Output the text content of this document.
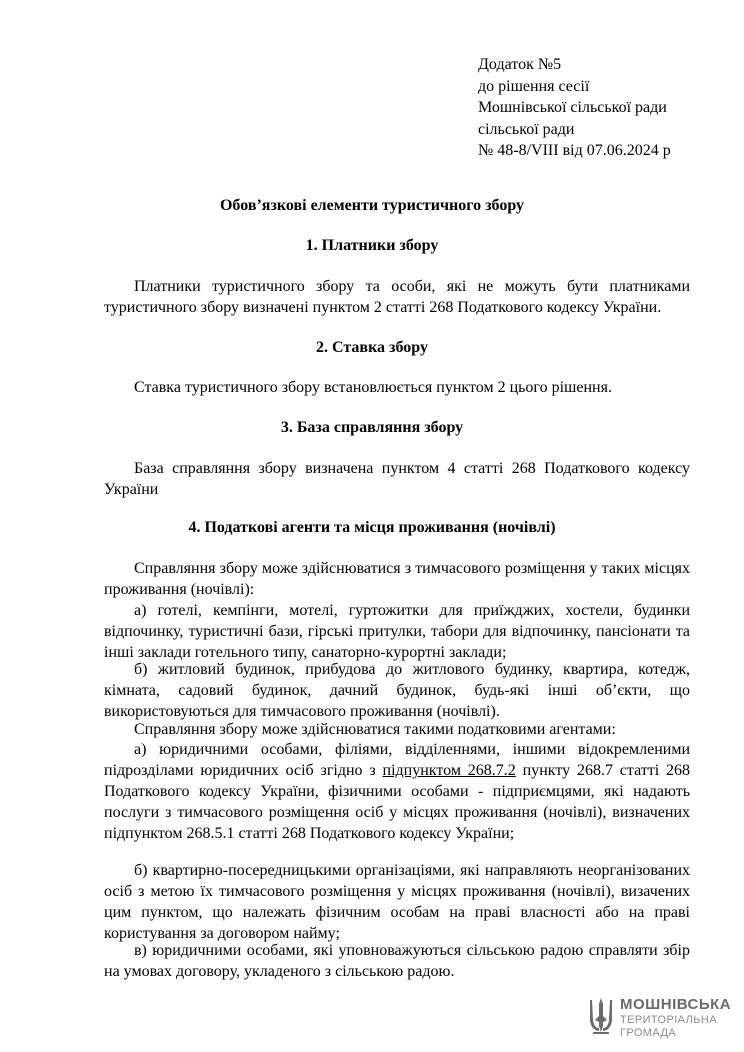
Додаток №5
до рішення сесії
Мошнівської сільської ради
сільської ради
№ 48-8/VIII від 07.06.2024 р
Обов’язкові елементи туристичного збору
1. Платники збору

Платники туристичного збору та особи, які не можуть бути платниками туристичного збору визначені пунктом 2 статті 268 Податкового кодексу України.

2. Ставка збору

Ставка туристичного збору встановлюється пунктом 2 цього рішення.

3. База справляння збору

База справляння збору визначена пунктом 4 статті 268 Податкового кодексу України

4. Податкові агенти та місця проживання (ночівлі)

Справляння збору може здійснюватися з тимчасового розміщення у таких місцях проживання (ночівлі):

а) готелі, кемпінги, мотелі, гуртожитки для приїжджих, хостели, будинки відпочинку, туристичні бази, гірські притулки, табори для відпочинку, пансіонати та інші заклади готельного типу, санаторно-курортні заклади;

б) житловий будинок, прибудова до житлового будинку, квартира, котедж, кімната, садовий будинок, дачний будинок, будь-які інші об’єкти, що використовуються для тимчасового проживання (ночівлі).

Справляння збору може здійснюватися такими податковими агентами:

а) юридичними особами, філіями, відділеннями, іншими відокремленими підрозділами юридичних осіб згідно з підпунктом 268.7.2 пункту 268.7 статті 268 Податкового кодексу України, фізичними особами - підприємцями, які надають послуги з тимчасового розміщення осіб у місцях проживання (ночівлі), визначених підпунктом 268.5.1 статті 268 Податкового кодексу України;

б) квартирно-посередницькими організаціями, які направляють неорганізованих осіб з метою їх тимчасового розміщення у місцях проживання (ночівлі), визачених цим пунктом, що належать фізичним особам на праві власності або на праві користування за договором найму;

в) юридичними особами, які уповноважуються сільською радою справляти збір на умовах договору, укладеного з сільською радою.

МОШНІВСЬКА
ТЕРИТОРІАЛЬНА
ГРОМАДА
